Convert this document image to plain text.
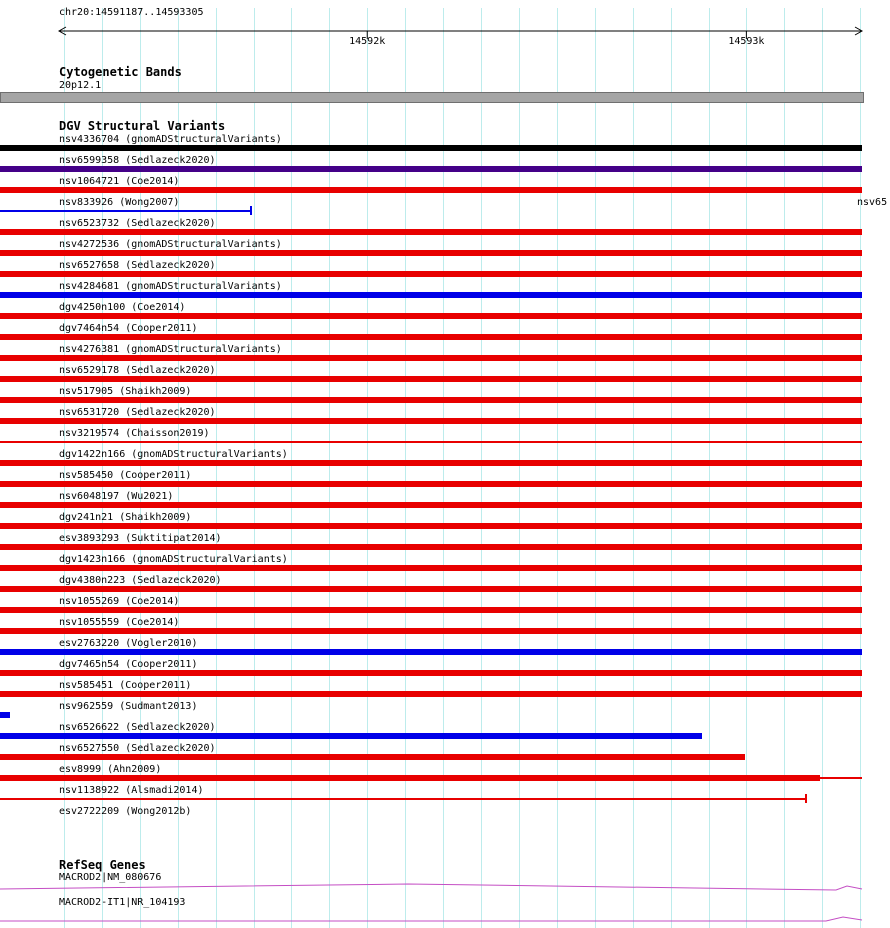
chr20:14591187..14593305
14592k	14593k
Cytogenetic Bands
20p12.1
DGV Structural Variants
nsv4336704 (gnomADStructuralVariants)
nsv6599358 (Sedlazeck2020)
nsv1064721 (Coe2014)
nsv833926 (Wong2007)	nsv65
nsv6523732 (Sedlazeck2020)
nsv4272536 (gnomADStructuralVariants)
nsv6527658 (Sedlazeck2020)
nsv4284681 (gnomADStructuralVariants)
dgv4250n100 (Coe2014)
dgv7464n54 (Cooper2011)
nsv4276381 (gnomADStructuralVariants)
nsv6529178 (Sedlazeck2020)
nsv517905 (Shaikh2009)
nsv6531720 (Sedlazeck2020)
nsv3219574 (Chaisson2019)
dgv1422n166 (gnomADStructuralVariants)
nsv585450 (Cooper2011)
nsv6048197 (Wu2021)
dgv241n21 (Shaikh2009)
esv3893293 (Suktitipat2014)
dgv1423n166 (gnomADStructuralVariants)
dgv4380n223 (Sedlazeck2020)
nsv1055269 (Coe2014)
nsv1055559 (Coe2014)
esv2763220 (Vogler2010)
dgv7465n54 (Cooper2011)
nsv585451 (Cooper2011)
nsv962559 (Sudmant2013)
nsv6526622 (Sedlazeck2020)
nsv6527550 (Sedlazeck2020)
esv8999 (Ahn2009)
nsv1138922 (Alsmadi2014)
esv2722209 (Wong2012b)
RefSeq Genes
MACROD2|NM_080676
MACROD2-IT1|NR_104193
